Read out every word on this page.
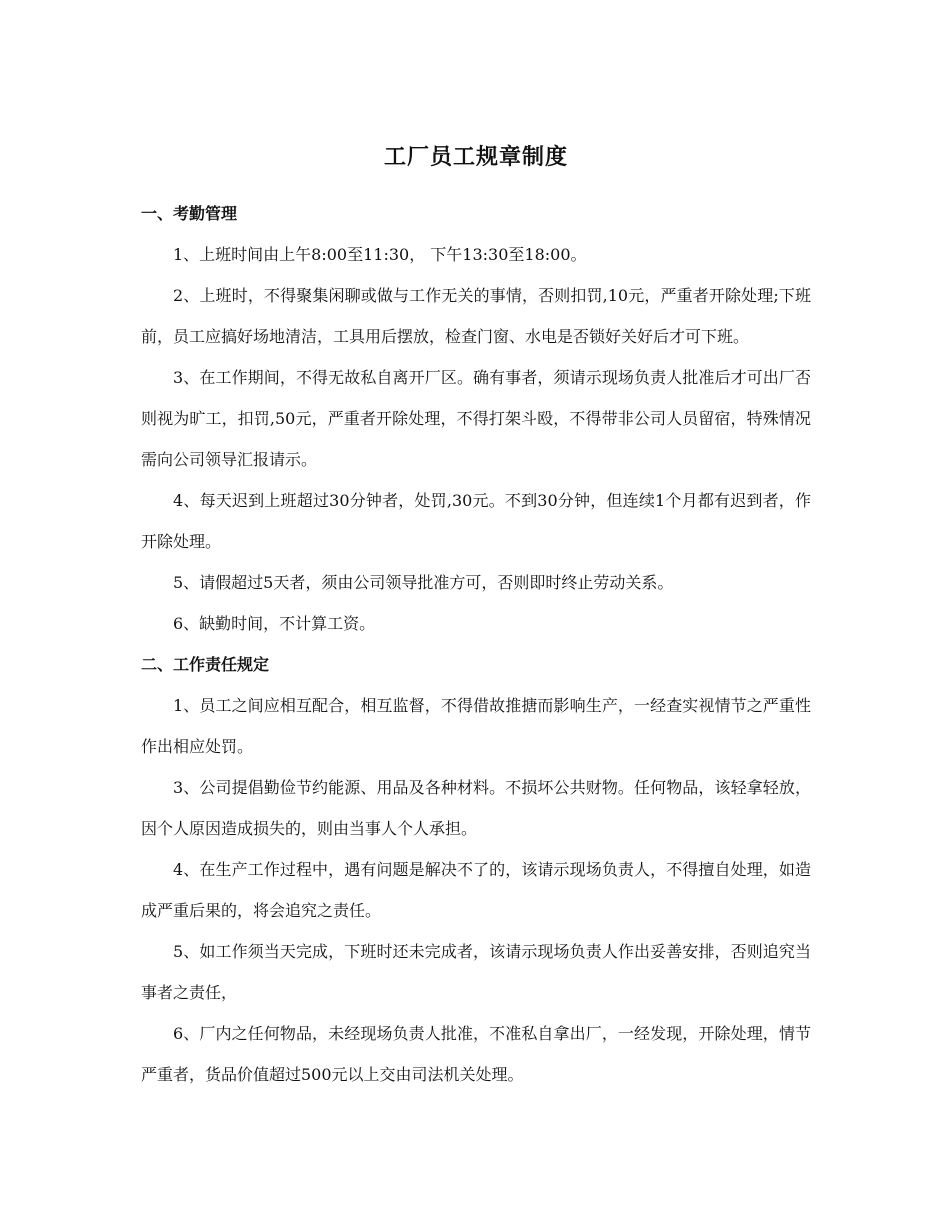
工厂员工规章制度
一、考勤管理

1、上班时间由上午8:00至11:30， 下午13:30至18:00。

2、上班时，不得聚集闲聊或做与工作无关的事情，否则扣罚,10元，严重者开除处理;下班前，员工应搞好场地清洁，工具用后摆放，检查门窗、水电是否锁好关好后才可下班。

3、在工作期间，不得无故私自离开厂区。确有事者，须请示现场负责人批准后才可出厂否则视为旷工，扣罚,50元，严重者开除处理，不得打架斗殴，不得带非公司人员留宿，特殊情况需向公司领导汇报请示。

4、每天迟到上班超过30分钟者，处罚,30元。不到30分钟，但连续1个月都有迟到者，作开除处理。

5、请假超过5天者，须由公司领导批准方可，否则即时终止劳动关系。

6、缺勤时间，不计算工资。

二、工作责任规定

1、员工之间应相互配合，相互监督，不得借故推搪而影响生产，一经查实视情节之严重性作出相应处罚。

3、公司提倡勤俭节约能源、用品及各种材料。不损坏公共财物。任何物品，该轻拿轻放，因个人原因造成损失的，则由当事人个人承担。

4、在生产工作过程中，遇有问题是解决不了的，该请示现场负责人，不得擅自处理，如造成严重后果的，将会追究之责任。

5、如工作须当天完成，下班时还未完成者，该请示现场负责人作出妥善安排，否则追究当事者之责任，

6、厂内之任何物品，未经现场负责人批准，不准私自拿出厂，一经发现，开除处理，情节严重者，货品价值超过500元以上交由司法机关处理。
